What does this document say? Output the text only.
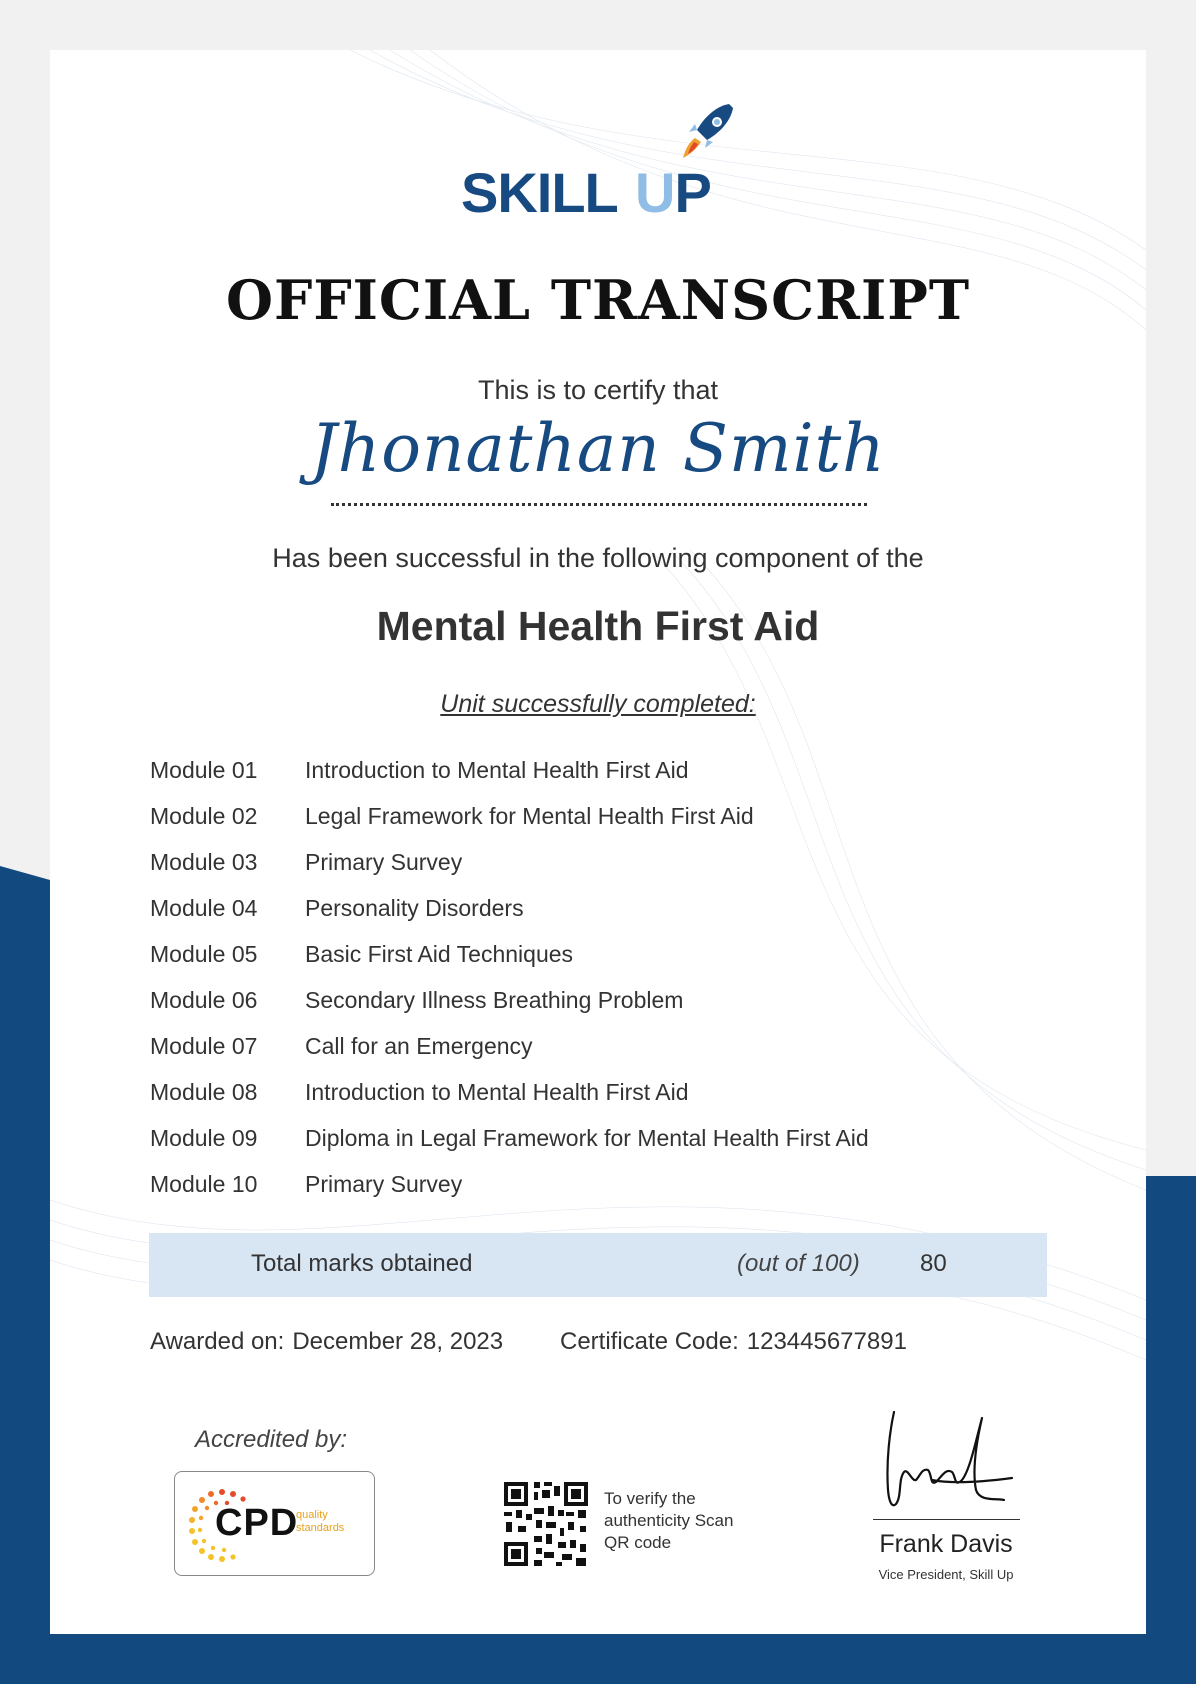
SKILL UP
OFFICIAL TRANSCRIPT
This is to certify that
Jhonathan Smith
Has been successful in the following component of the
Mental Health First Aid
Unit successfully completed:
Module 01	Introduction to Mental Health First Aid
Module 02	Legal Framework for Mental Health First Aid
Module 03	Primary Survey
Module 04	Personality Disorders
Module 05	Basic First Aid Techniques
Module 06	Secondary Illness Breathing Problem
Module 07	Call for an Emergency
Module 08	Introduction to Mental Health First Aid
Module 09	Diploma in Legal Framework for Mental Health First Aid
Module 10	Primary Survey
Total marks obtained	(out of 100)	80
Awarded on: December 28, 2023 Certificate Code: 123445677891
Accredited by:
CPD
quality
standards
To verify the authenticity Scan QR code	Frank Davis
Vice President, Skill Up
